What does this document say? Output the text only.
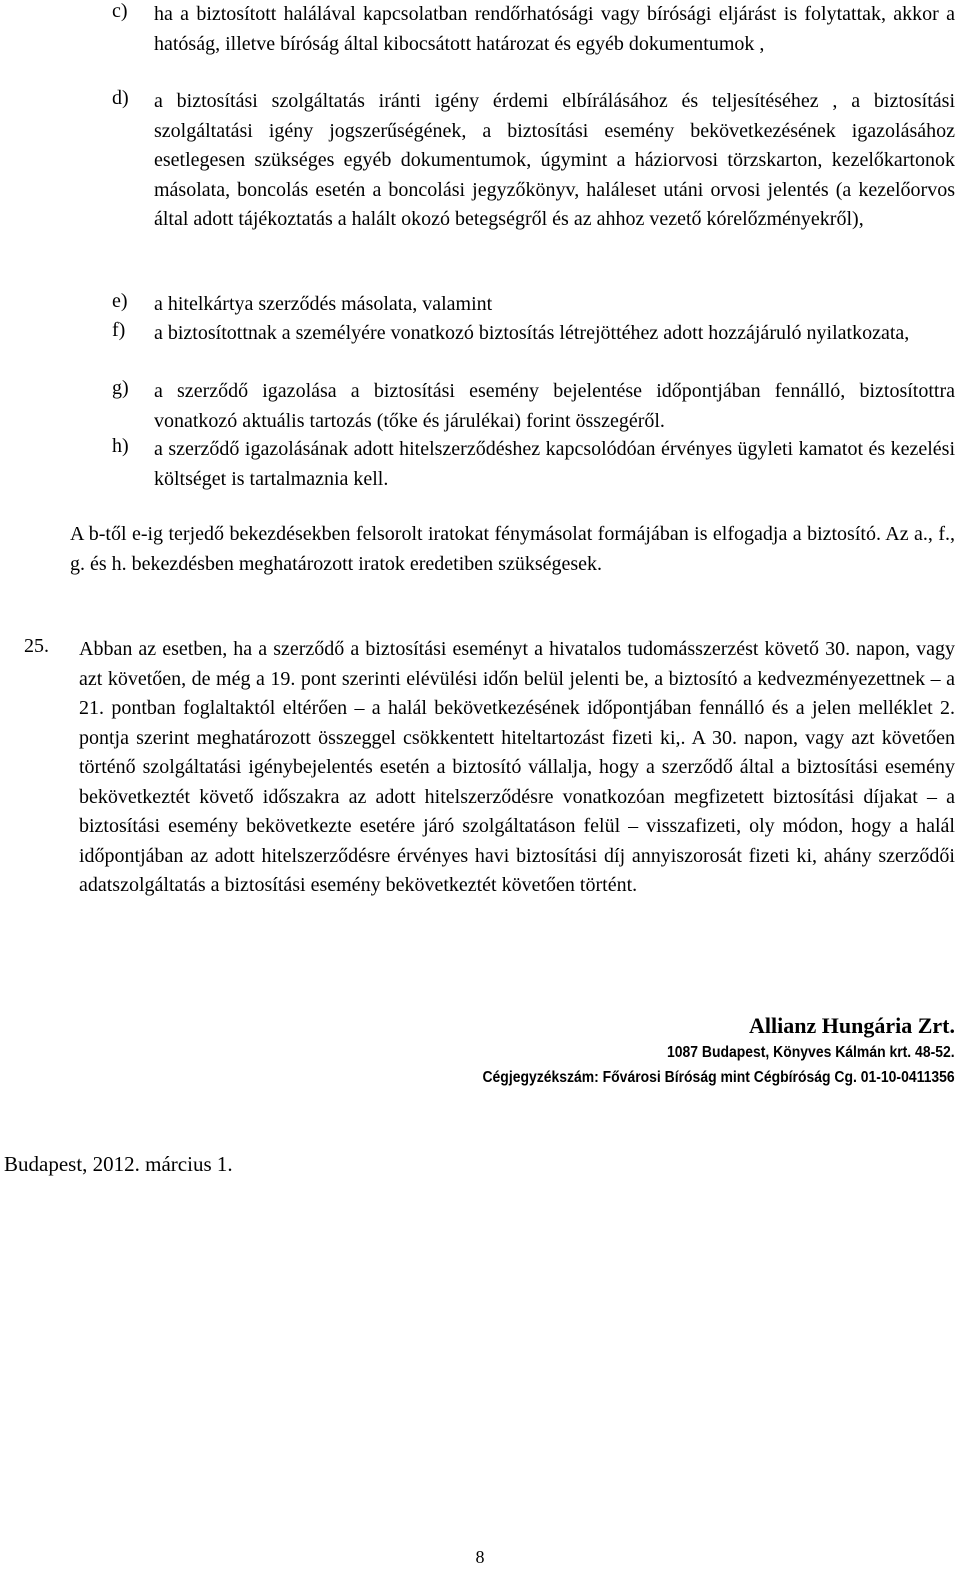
c) ha a biztosított halálával kapcsolatban rendőrhatósági vagy bírósági eljárást is folytattak, akkor a hatóság, illetve bíróság által kibocsátott határozat és egyéb dokumentumok ,
d) a biztosítási szolgáltatás iránti igény érdemi elbírálásához és teljesítéséhez , a biztosítási szolgáltatási igény jogszerűségének, a biztosítási esemény bekövetkezésének igazolásához esetlegesen szükséges egyéb dokumentumok, úgymint a háziorvosi törzskarton, kezelőkartonok másolata, boncolás esetén a boncolási jegyzőkönyv, haláleset utáni orvosi jelentés (a kezelőorvos által adott tájékoztatás a halált okozó betegségről és az ahhoz vezető kórelőzményekről),
e) a hitelkártya szerződés másolata, valamint
f) a biztosítottnak a személyére vonatkozó biztosítás létrejöttéhez adott hozzájáruló nyilatkozata,
g) a szerződő igazolása a biztosítási esemény bejelentése időpontjában fennálló, biztosítottra vonatkozó aktuális tartozás (tőke és járulékai) forint összegéről.
h) a szerződő igazolásának adott hitelszerződéshez kapcsolódóan érvényes ügyleti kamatot és kezelési költséget is tartalmaznia kell.
A b-től e-ig terjedő bekezdésekben felsorolt iratokat fénymásolat formájában is elfogadja a biztosító. Az a., f., g. és h. bekezdésben meghatározott iratok eredetiben szükségesek.
25. Abban az esetben, ha a szerződő a biztosítási eseményt a hivatalos tudomásszerzést követő 30. napon, vagy azt követően, de még a 19. pont szerinti elévülési időn belül jelenti be, a biztosító a kedvezményezettnek – a 21. pontban foglaltaktól eltérően – a halál bekövetkezésének időpontjában fennálló és a jelen melléklet 2. pontja szerint meghatározott összeggel csökkentett hiteltartozást fizeti ki,. A 30. napon, vagy azt követően történő szolgáltatási igénybejelentés esetén a biztosító vállalja, hogy a szerződő által a biztosítási esemény bekövetkeztét követő időszakra az adott hitelszerződésre vonatkozóan megfizetett biztosítási díjakat – a biztosítási esemény bekövetkezte esetére járó szolgáltatáson felül – visszafizeti, oly módon, hogy a halál időpontjában az adott hitelszerződésre érvényes havi biztosítási díj annyiszorosát fizeti ki, ahány szerződői adatszolgáltatás a biztosítási esemény bekövetkeztét követően történt.
Allianz Hungária Zrt.
1087 Budapest, Könyves Kálmán krt. 48-52.
Cégjegyzékszám: Fővárosi Bíróság mint Cégbíróság Cg. 01-10-0411356
Budapest, 2012. március 1.
8
